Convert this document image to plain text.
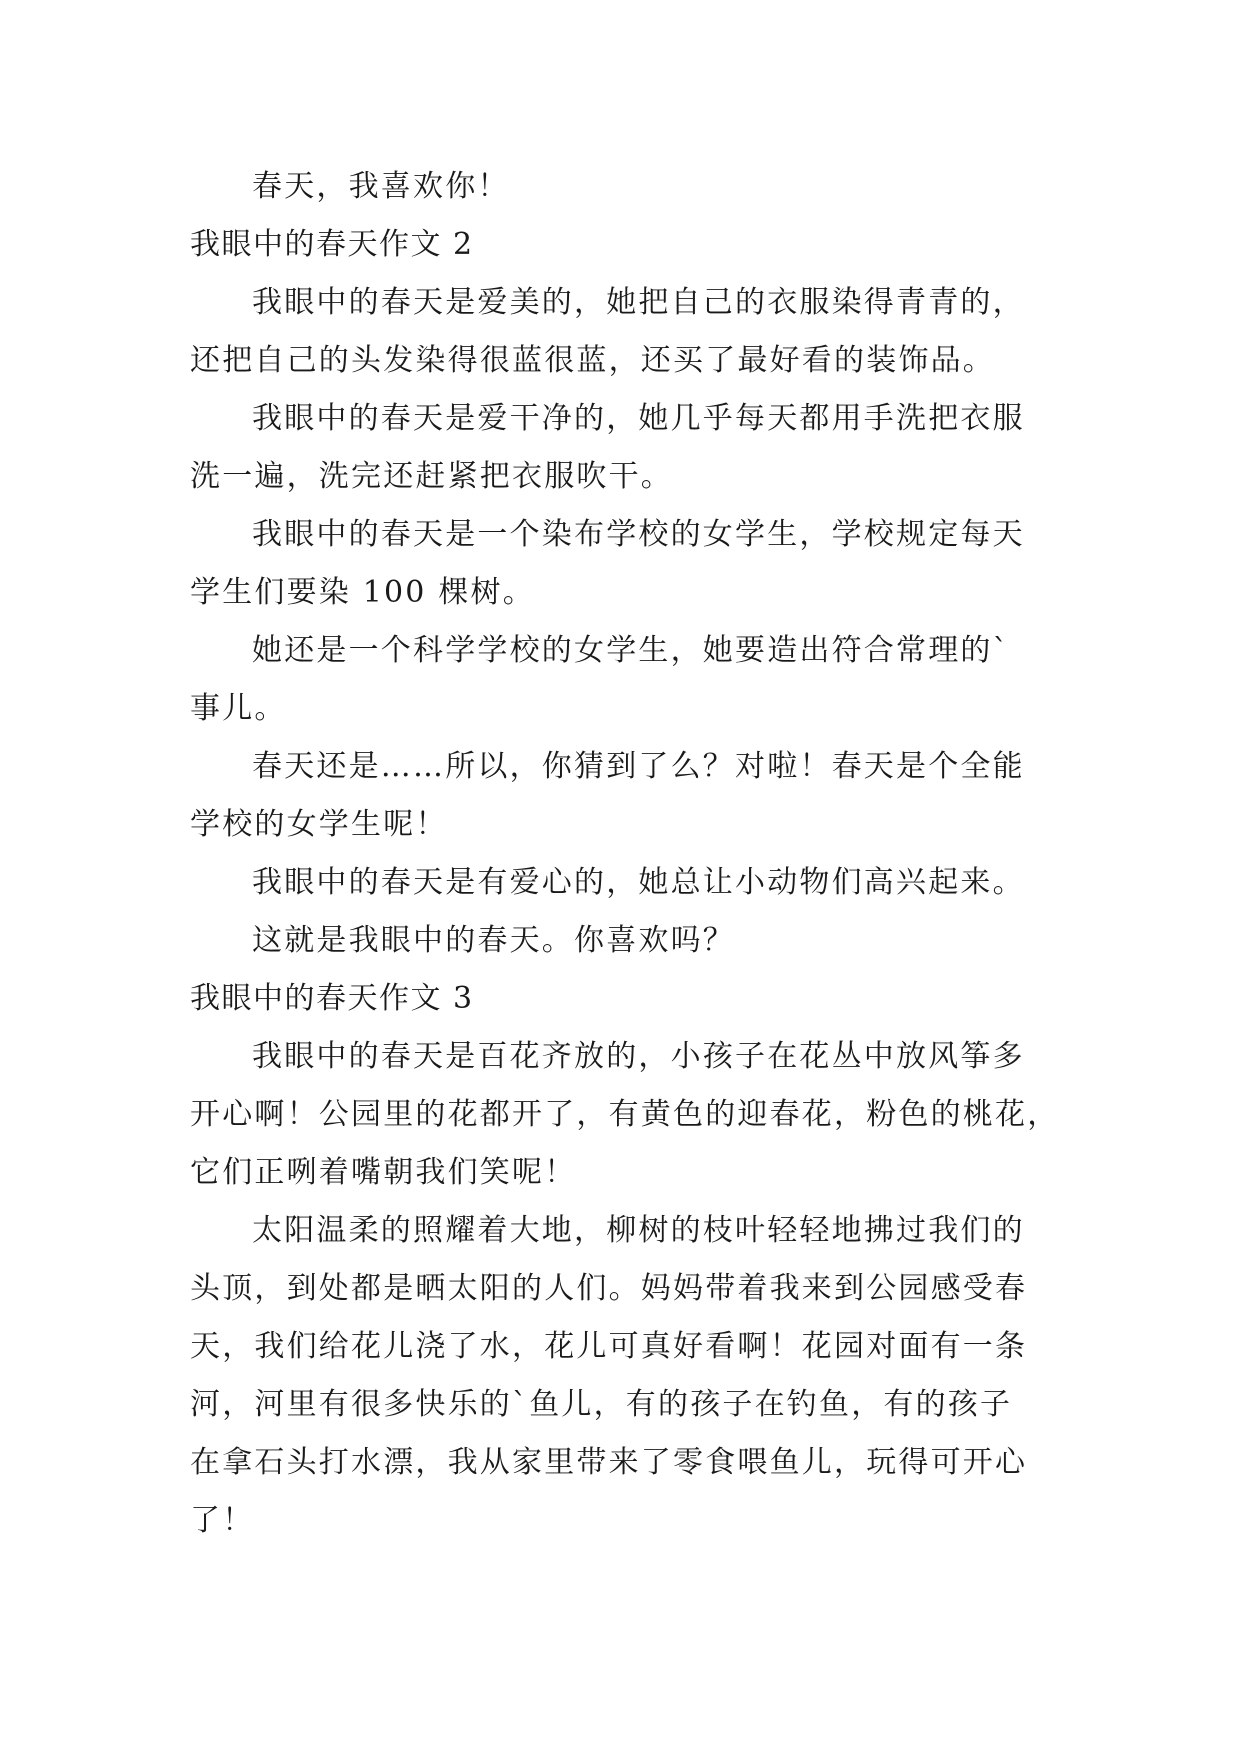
春天，我喜欢你！
我眼中的春天作文 2
我眼中的春天是爱美的，她把自己的衣服染得青青的，
还把自己的头发染得很蓝很蓝，还买了最好看的装饰品。
我眼中的春天是爱干净的，她几乎每天都用手洗把衣服
洗一遍，洗完还赶紧把衣服吹干。
我眼中的春天是一个染布学校的女学生，学校规定每天
学生们要染 100 棵树。
她还是一个科学学校的女学生，她要造出符合常理的`
事儿。
春天还是……所以，你猜到了么？对啦！春天是个全能
学校的女学生呢！
我眼中的春天是有爱心的，她总让小动物们高兴起来。
这就是我眼中的春天。你喜欢吗？
我眼中的春天作文 3
我眼中的春天是百花齐放的，小孩子在花丛中放风筝多
开心啊！公园里的花都开了，有黄色的迎春花，粉色的桃花，
它们正咧着嘴朝我们笑呢！
太阳温柔的照耀着大地，柳树的枝叶轻轻地拂过我们的
头顶，到处都是晒太阳的人们。妈妈带着我来到公园感受春
天，我们给花儿浇了水，花儿可真好看啊！花园对面有一条
河，河里有很多快乐的`鱼儿，有的孩子在钓鱼，有的孩子
在拿石头打水漂，我从家里带来了零食喂鱼儿，玩得可开心
了！
